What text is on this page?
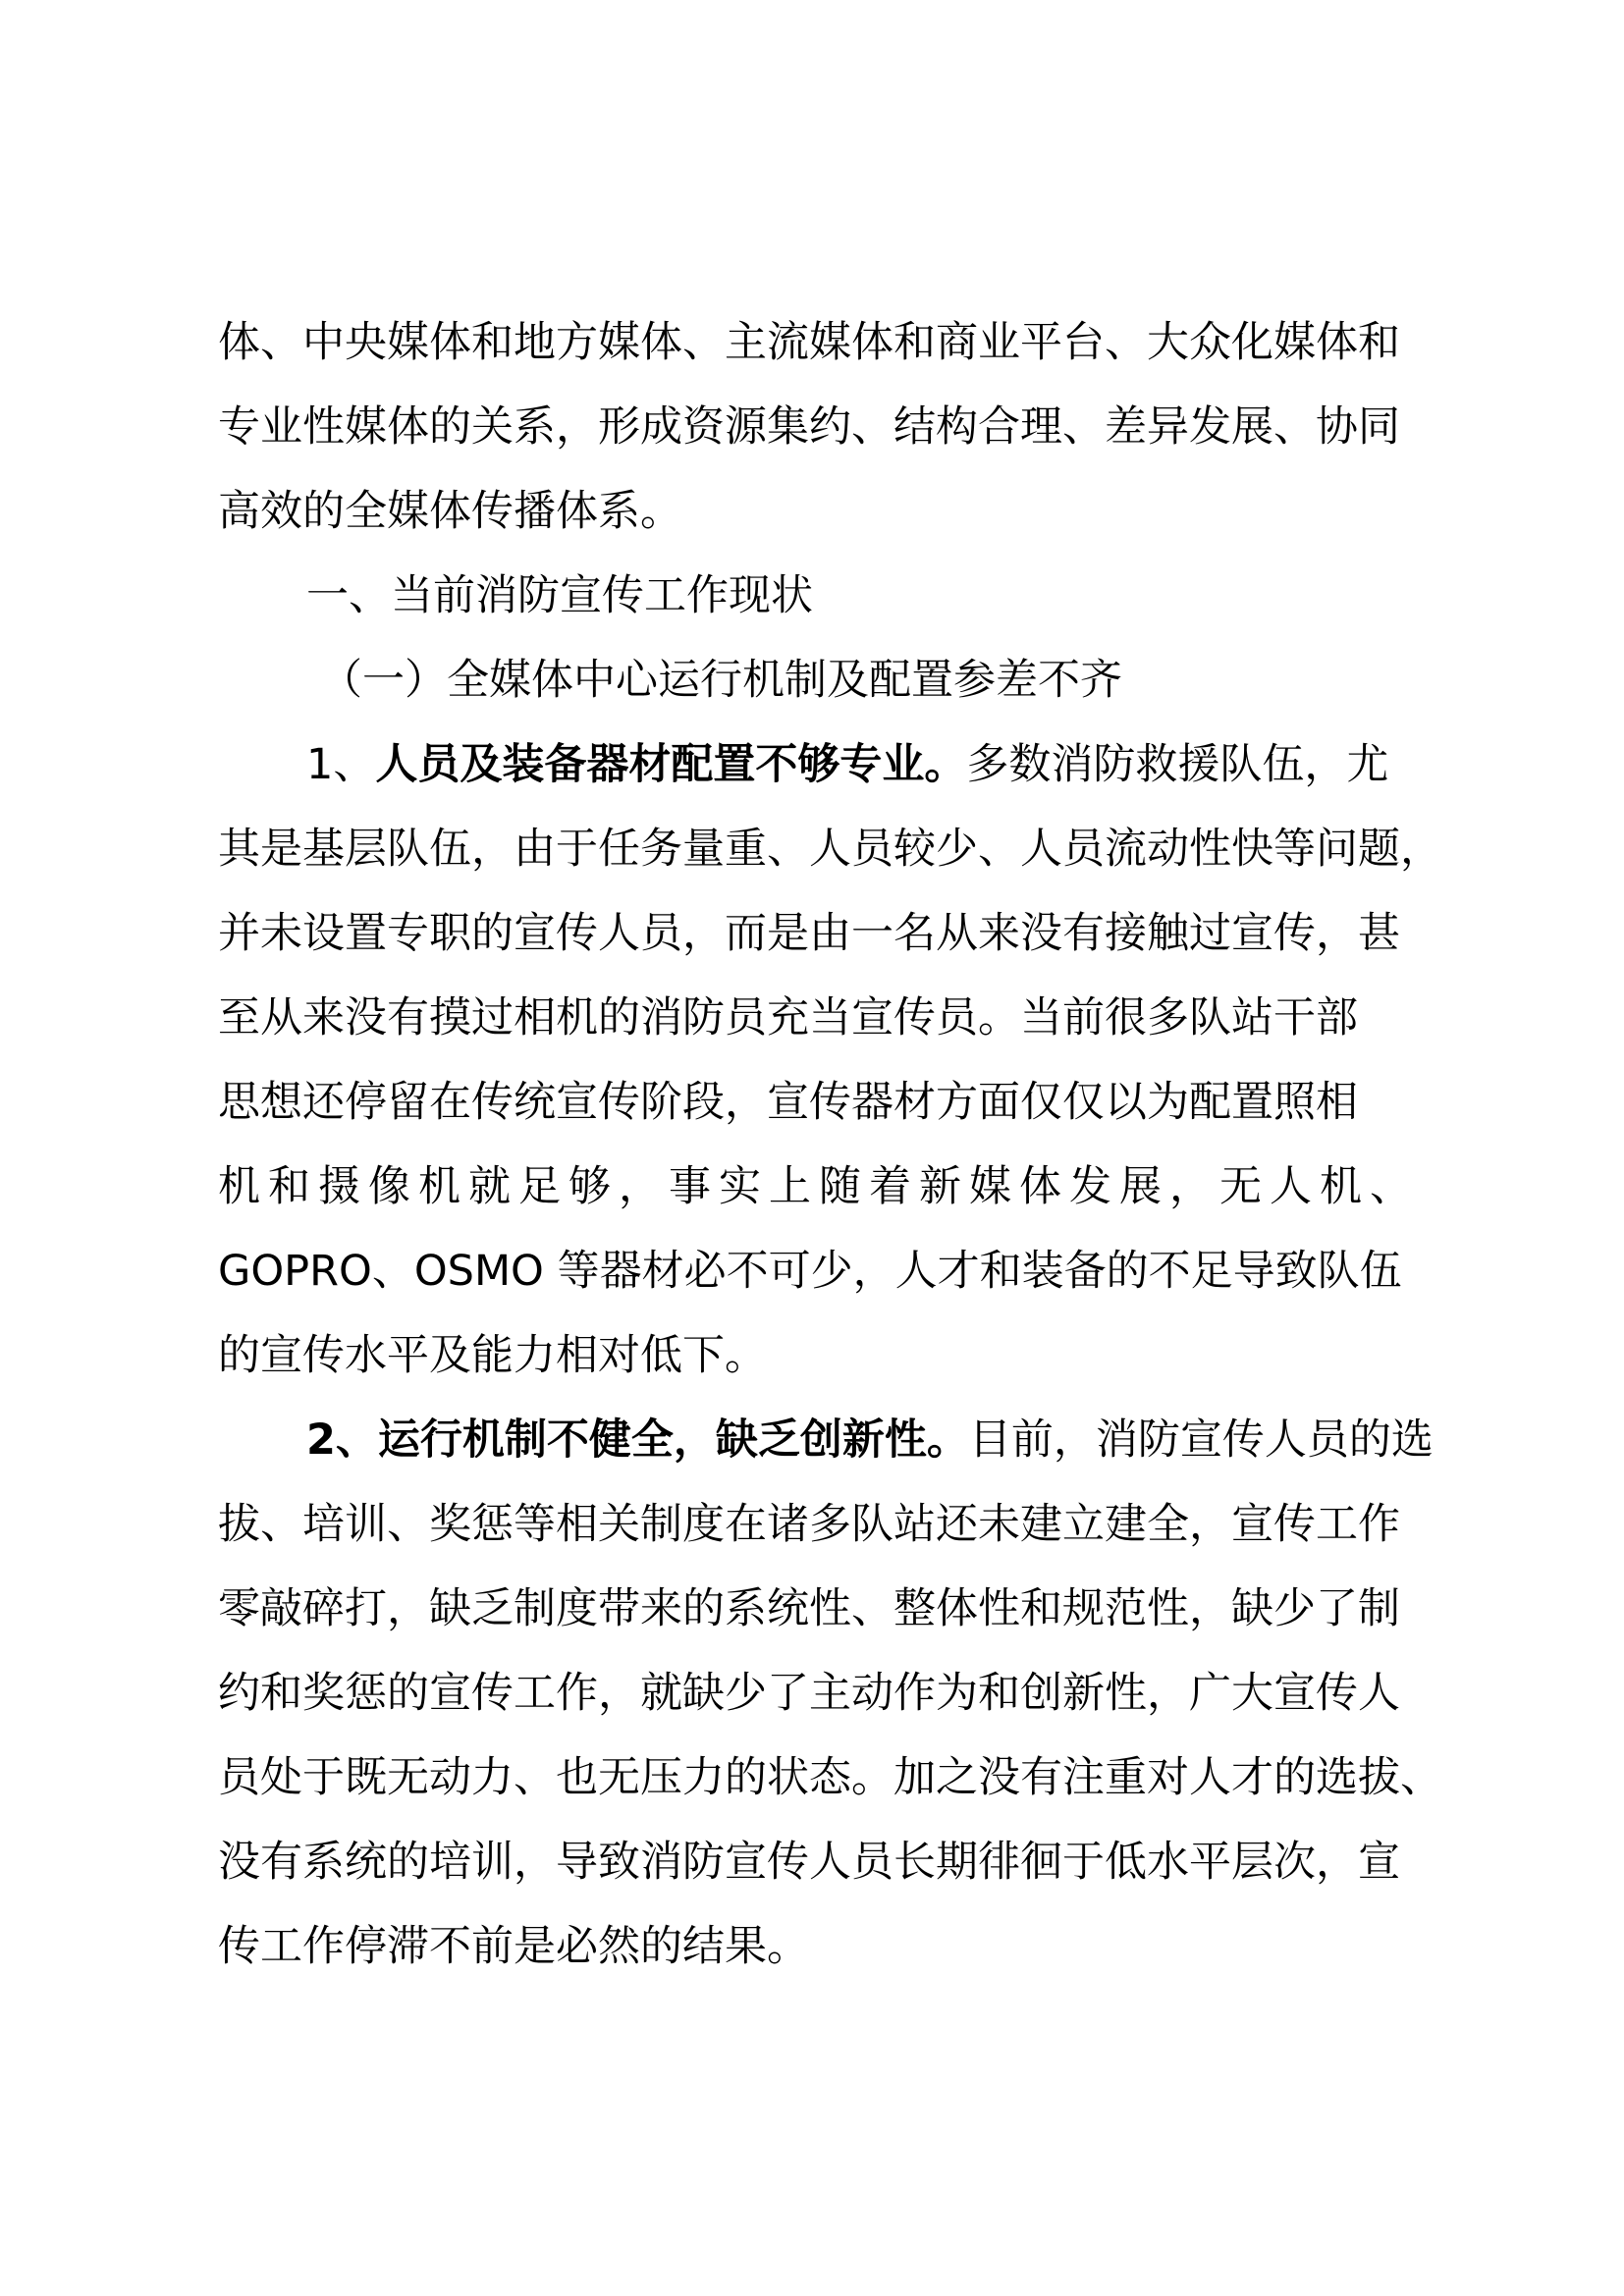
体、中央媒体和地方媒体、主流媒体和商业平台、大众化媒体和
专业性媒体的关系，形成资源集约、结构合理、差异发展、协同
高效的全媒体传播体系。
一、当前消防宣传工作现状
（一）全媒体中心运行机制及配置参差不齐
1、人员及装备器材配置不够专业。多数消防救援队伍，尤
其是基层队伍，由于任务量重、人员较少、人员流动性快等问题，
并未设置专职的宣传人员，而是由一名从来没有接触过宣传，甚
至从来没有摸过相机的消防员充当宣传员。当前很多队站干部
思想还停留在传统宣传阶段，宣传器材方面仅仅以为配置照相
机和摄像机就足够，事实上随着新媒体发展，无人机、
GOPRO、OSMO 等器材必不可少，人才和装备的不足导致队伍
的宣传水平及能力相对低下。
2、运行机制不健全，缺乏创新性。目前，消防宣传人员的选
拔、培训、奖惩等相关制度在诸多队站还未建立建全，宣传工作
零敲碎打，缺乏制度带来的系统性、整体性和规范性，缺少了制
约和奖惩的宣传工作，就缺少了主动作为和创新性，广大宣传人
员处于既无动力、也无压力的状态。加之没有注重对人才的选拔、
没有系统的培训，导致消防宣传人员长期徘徊于低水平层次，宣
传工作停滞不前是必然的结果。
